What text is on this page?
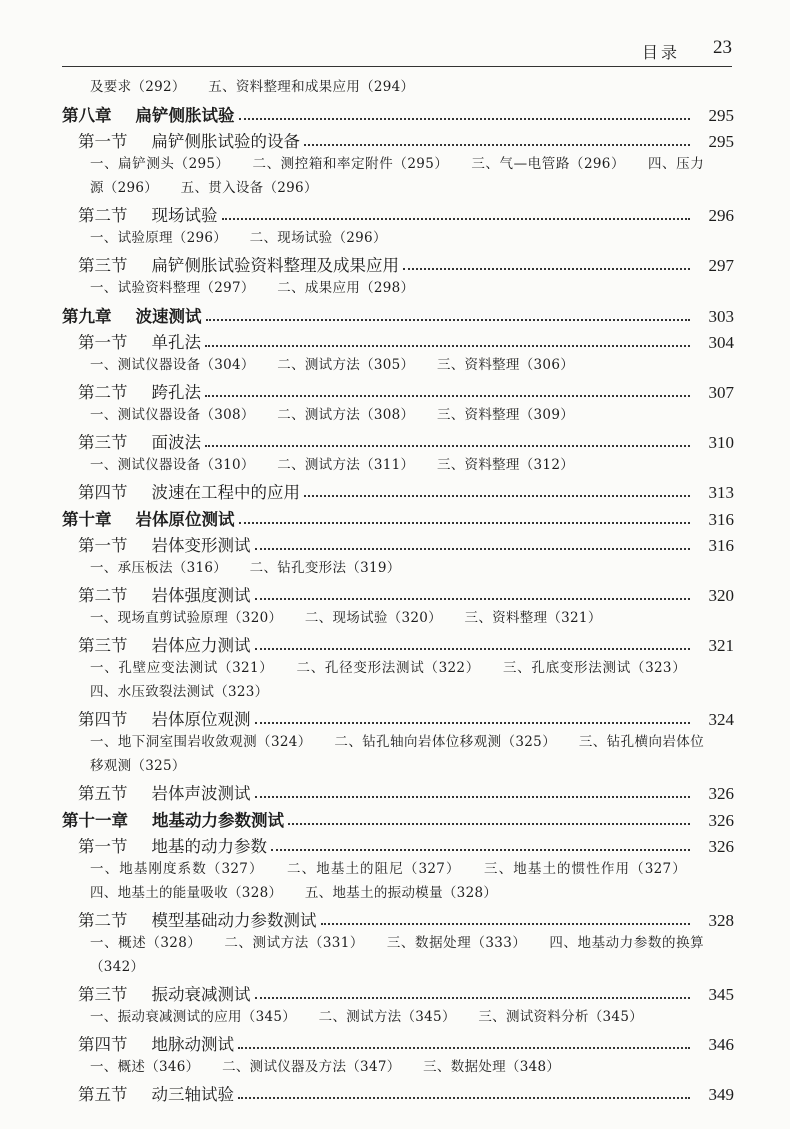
目录 23
及要求（292） 五、资料整理和成果应用（294）
第八章 扁铲侧胀试验	295
第一节 扁铲侧胀试验的设备	295
一、扁铲测头（295） 二、测控箱和率定附件（295） 三、气—电管路（296） 四、压力源（296） 五、贯入设备（296）
第二节 现场试验	296
一、试验原理（296） 二、现场试验（296）
第三节 扁铲侧胀试验资料整理及成果应用	297
一、试验资料整理（297） 二、成果应用（298）
第九章 波速测试	303
第一节 单孔法	304
一、测试仪器设备（304） 二、测试方法（305） 三、资料整理（306）
第二节 跨孔法	307
一、测试仪器设备（308） 二、测试方法（308） 三、资料整理（309）
第三节 面波法	310
一、测试仪器设备（310） 二、测试方法（311） 三、资料整理（312）
第四节 波速在工程中的应用	313
第十章 岩体原位测试	316
第一节 岩体变形测试	316
一、承压板法（316） 二、钻孔变形法（319）
第二节 岩体强度测试	320
一、现场直剪试验原理（320） 二、现场试验（320） 三、资料整理（321）
第三节 岩体应力测试	321
一、孔壁应变法测试（321） 二、孔径变形法测试（322） 三、孔底变形法测试（323） 四、水压致裂法测试（323）
第四节 岩体原位观测	324
一、地下洞室围岩收敛观测（324） 二、钻孔轴向岩体位移观测（325） 三、钻孔横向岩体位移观测（325）
第五节 岩体声波测试	326
第十一章 地基动力参数测试	326
第一节 地基的动力参数	326
一、地基刚度系数（327） 二、地基土的阻尼（327） 三、地基土的惯性作用（327） 四、地基土的能量吸收（328） 五、地基土的振动模量（328）
第二节 模型基础动力参数测试	328
一、概述（328） 二、测试方法（331） 三、数据处理（333） 四、地基动力参数的换算（342）
第三节 振动衰减测试	345
一、振动衰减测试的应用（345） 二、测试方法（345） 三、测试资料分析（345）
第四节 地脉动测试	346
一、概述（346） 二、测试仪器及方法（347） 三、数据处理（348）
第五节 动三轴试验	349
